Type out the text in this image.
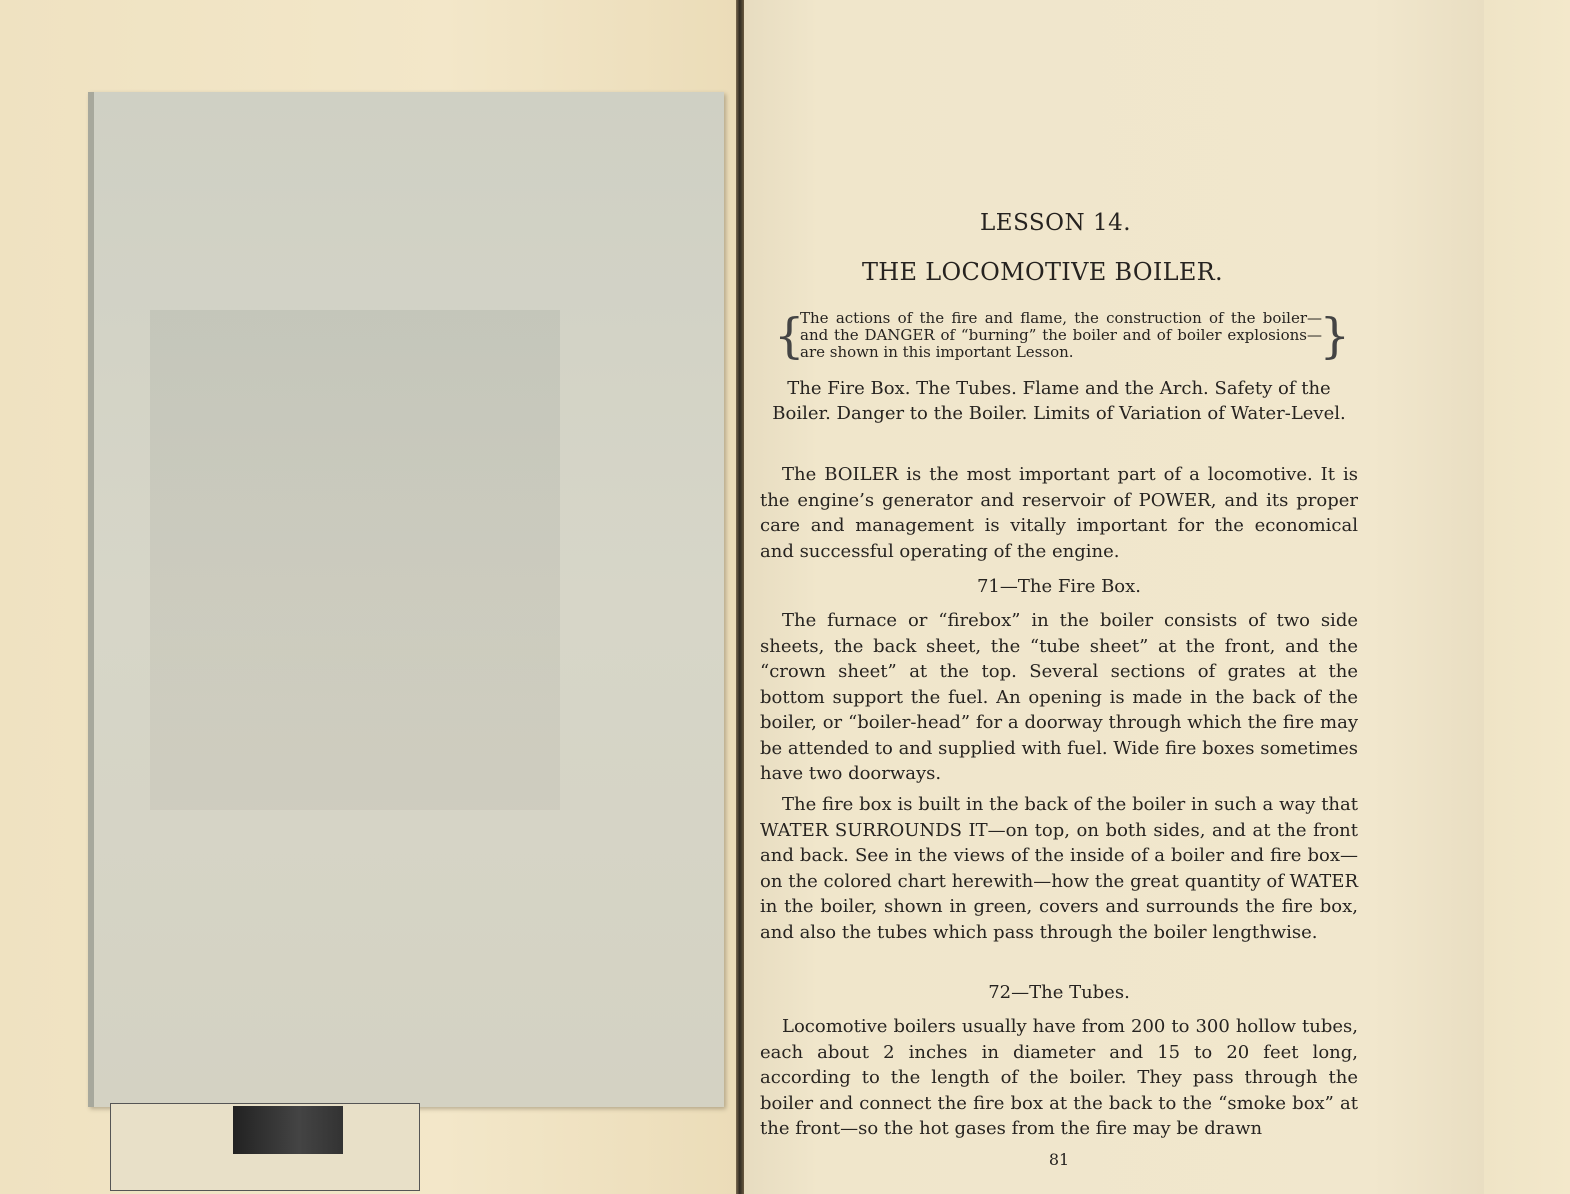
LESSON 14.
THE LOCOMOTIVE BOILER.
{
The actions of the fire and flame, the construction of the boiler—and the DANGER of “burning” the boiler and of boiler explosions—are shown in this important Lesson.	}
The Fire Box. The Tubes. Flame and the Arch. Safety of the Boiler. Danger to the Boiler. Limits of Variation of Water-Level.

The BOILER is the most important part of a locomotive. It is the engine’s generator and reservoir of POWER, and its proper care and management is vitally important for the economical and successful operating of the engine.

71—The Fire Box.

The furnace or “firebox” in the boiler consists of two side sheets, the back sheet, the “tube sheet” at the front, and the “crown sheet” at the top. Several sections of grates at the bottom support the fuel. An opening is made in the back of the boiler, or “boiler-head” for a doorway through which the fire may be attended to and supplied with fuel. Wide fire boxes sometimes have two doorways.

The fire box is built in the back of the boiler in such a way that WATER SURROUNDS IT—on top, on both sides, and at the front and back. See in the views of the inside of a boiler and fire box—on the colored chart herewith—how the great quantity of WATER in the boiler, shown in green, covers and surrounds the fire box, and also the tubes which pass through the boiler lengthwise.

72—The Tubes.

Locomotive boilers usually have from 200 to 300 hollow tubes, each about 2 inches in diameter and 15 to 20 feet long, according to the length of the boiler. They pass through the boiler and connect the fire box at the back to the “smoke box” at the front—so the hot gases from the fire may be drawn

81
